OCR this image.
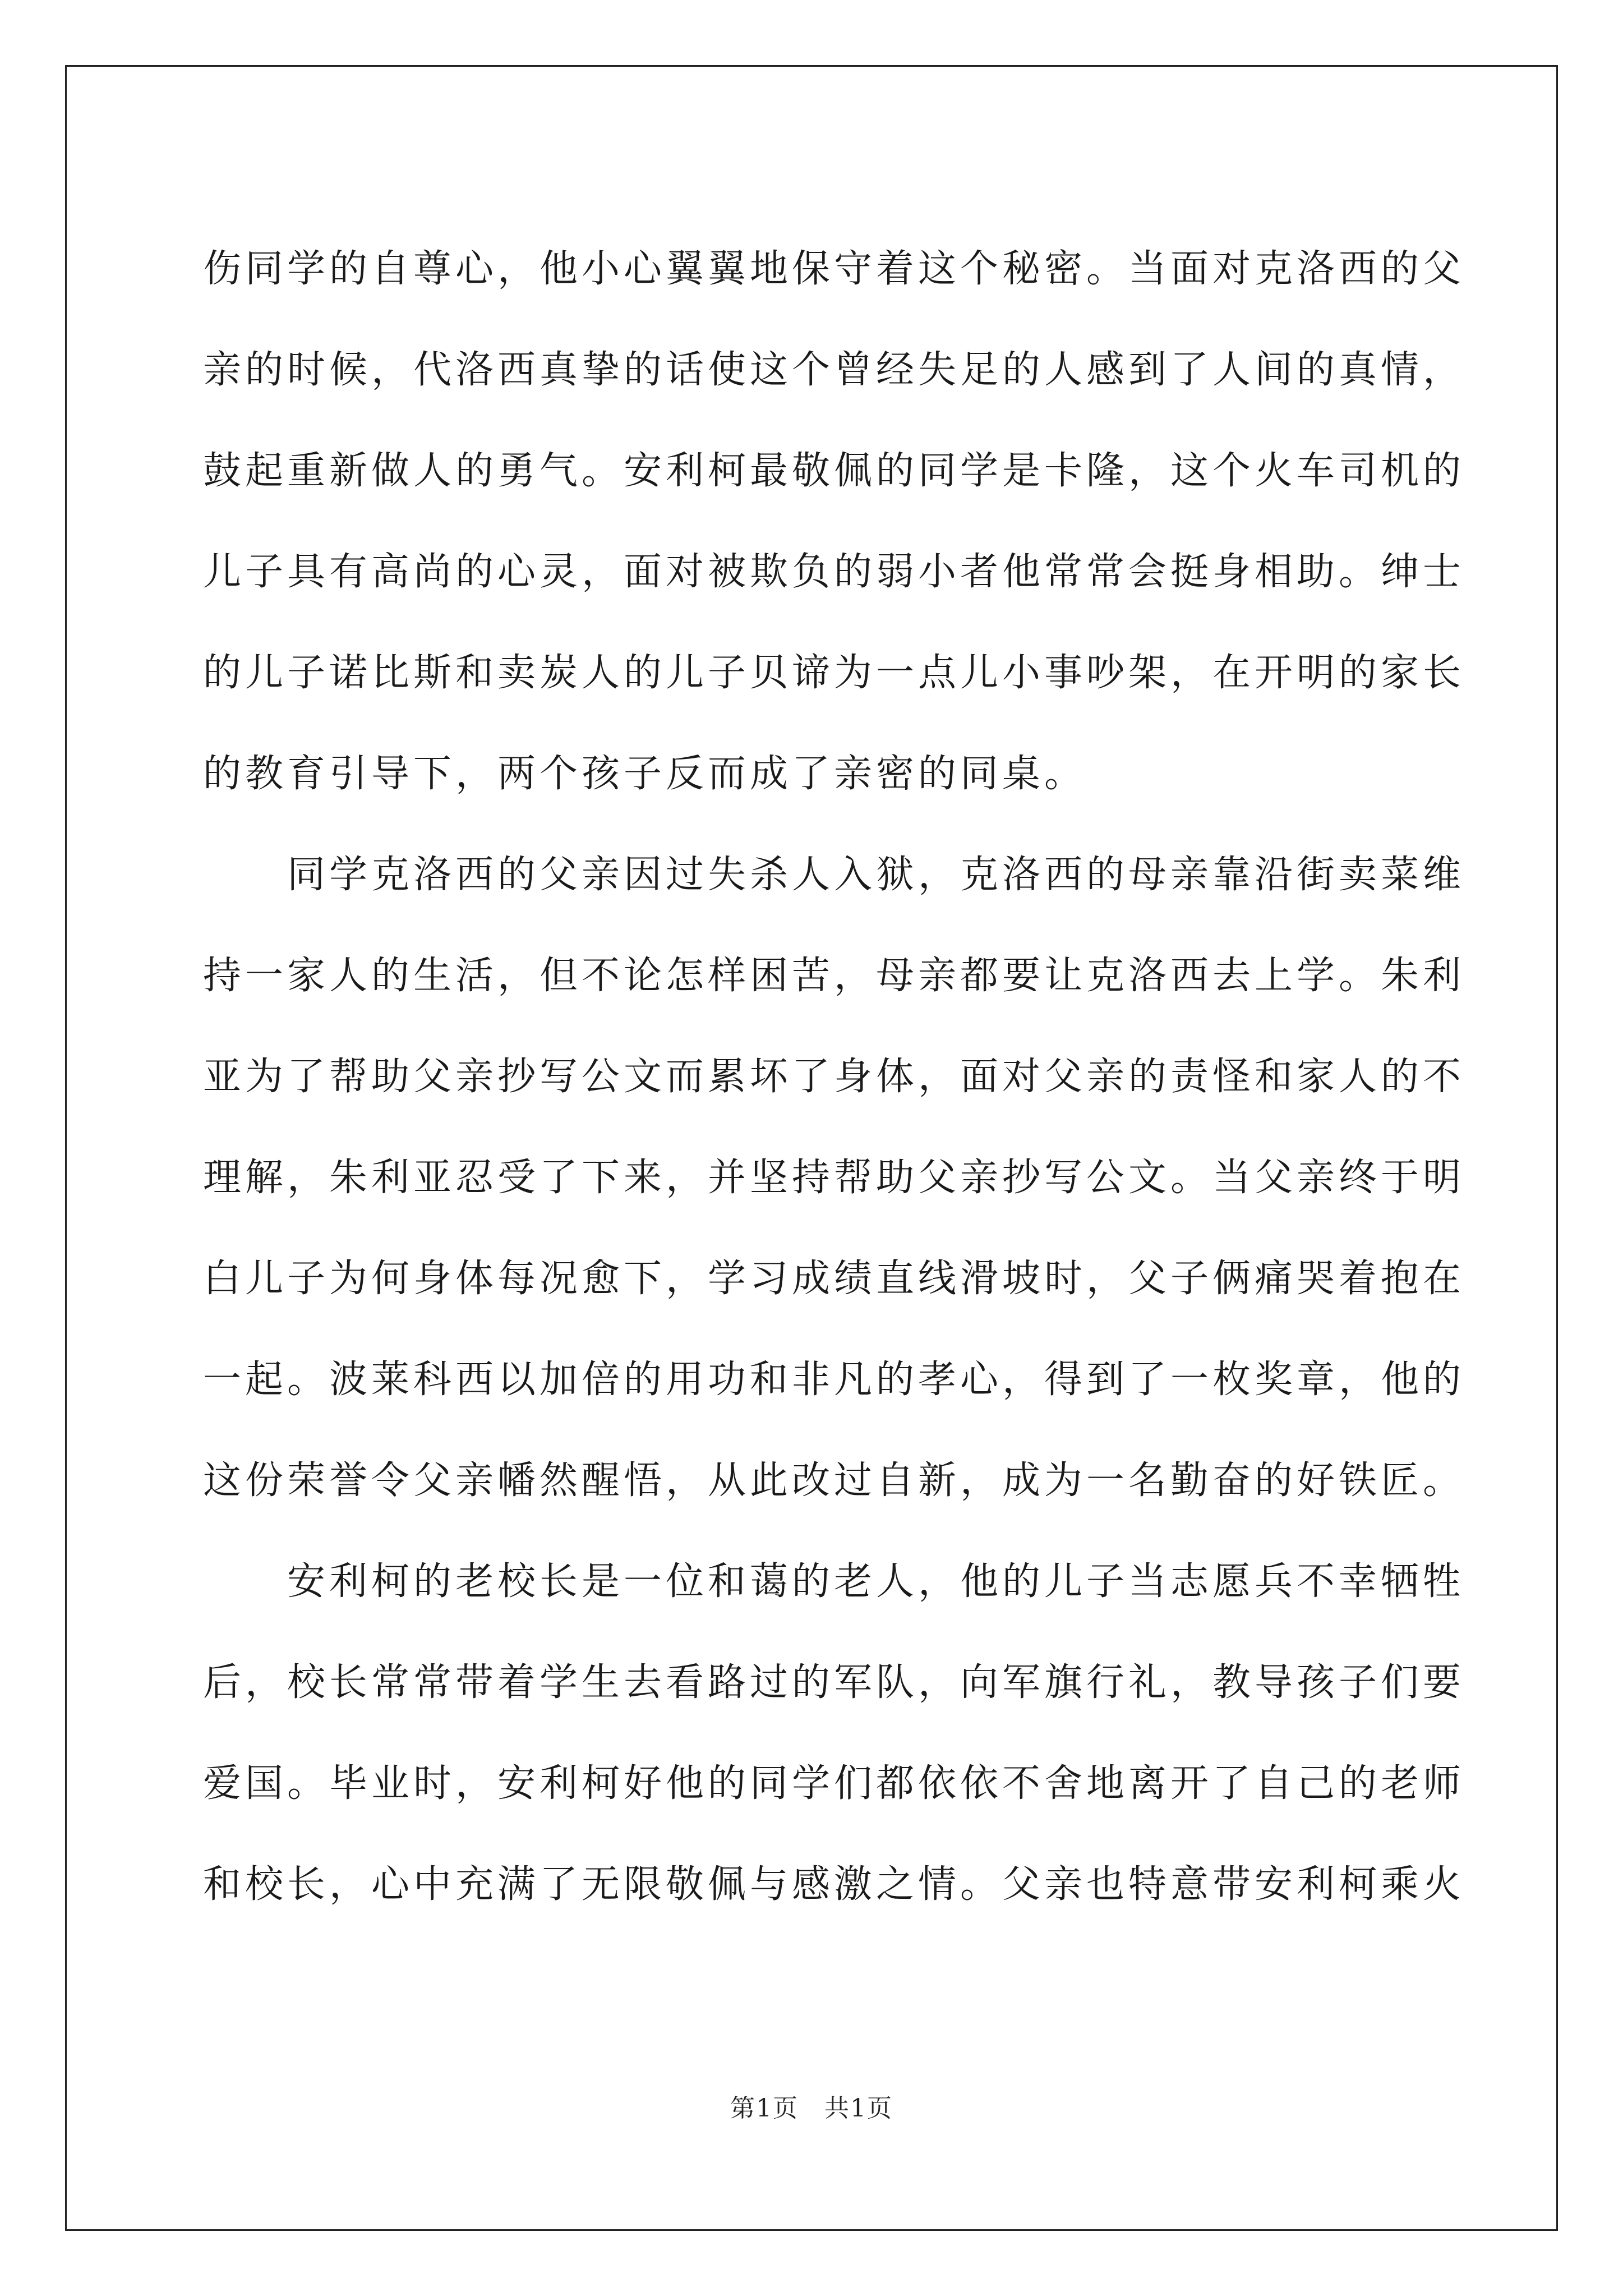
伤同学的自尊心，他小心翼翼地保守着这个秘密。当面对克洛西的父
亲的时候，代洛西真挚的话使这个曾经失足的人感到了人间的真情，
鼓起重新做人的勇气。安利柯最敬佩的同学是卡隆，这个火车司机的
儿子具有高尚的心灵，面对被欺负的弱小者他常常会挺身相助。绅士
的儿子诺比斯和卖炭人的儿子贝谛为一点儿小事吵架，在开明的家长
的教育引导下，两个孩子反而成了亲密的同桌。

同学克洛西的父亲因过失杀人入狱，克洛西的母亲靠沿街卖菜维
持一家人的生活，但不论怎样困苦，母亲都要让克洛西去上学。朱利
亚为了帮助父亲抄写公文而累坏了身体，面对父亲的责怪和家人的不
理解，朱利亚忍受了下来，并坚持帮助父亲抄写公文。当父亲终于明
白儿子为何身体每况愈下，学习成绩直线滑坡时，父子俩痛哭着抱在
一起。波莱科西以加倍的用功和非凡的孝心，得到了一枚奖章，他的
这份荣誉令父亲幡然醒悟，从此改过自新，成为一名勤奋的好铁匠。

安利柯的老校长是一位和蔼的老人，他的儿子当志愿兵不幸牺牲
后，校长常常带着学生去看路过的军队，向军旗行礼，教导孩子们要
爱国。毕业时，安利柯好他的同学们都依依不舍地离开了自己的老师
和校长，心中充满了无限敬佩与感激之情。父亲也特意带安利柯乘火

第1页　共1页
